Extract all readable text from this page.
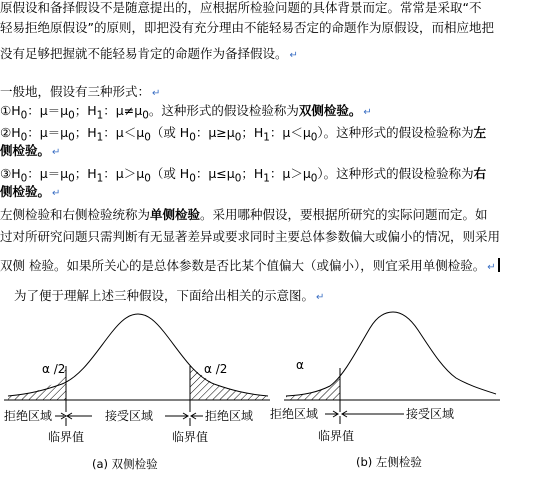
原假设和备择假设不是随意提出的，应根据所检验问题的具体背景而定。常常是采取“不
轻易拒绝原假设”的原则，即把没有充分理由不能轻易否定的命题作为原假设，而相应地把
没有足够把握就不能轻易肯定的命题作为备择假设。 ↵
一般地，假设有三种形式： ↵
$①H_0$：$\mu=\mu_0$；$H_1$：$\mu\ne\mu_0$。这种形式的假设检验称为双侧检验。 ↵
$②H_0$：$\mu=\mu_0$；$H_1$：$\mu<\mu_0$（或 $H_0$：$\mu\ge\mu_0$；$H_1$：$\mu<\mu_0$）。这种形式的假设检验称为左
侧检验。 ↵
$③H_0$：$\mu=\mu_0$；$H_1$：$\mu>\mu_0$（或 $H_0$：$\mu\le\mu_0$；$H_1$：$\mu>\mu_0$）。这种形式的假设检验称为右
侧检验。 ↵
左侧检验和右侧检验统称为单侧检验。采用哪种假设，要根据所研究的实际问题而定。如
过对所研究问题只需判断有无显著差异或要求同时主要总体参数偏大或偏小的情况，则采用
双侧 检验。如果所关心的是总体参数是否比某个值偏大（或偏小），则宜采用单侧检验。 ↵
为了便于理解上述三种假设，下面给出相关的示意图。 ↵
α /2	α /2
拒绝区域	接受区域	拒绝区域
临界值	临界值
(a) 双侧检验
α
拒绝区域	接受区域
临界值
(b) 左侧检验
